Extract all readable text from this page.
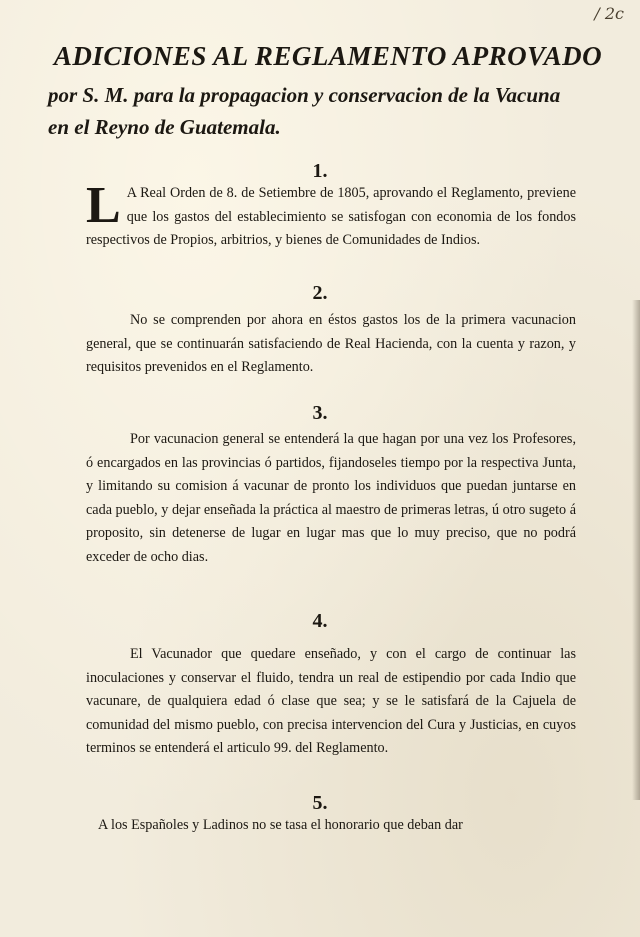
/ 2c
ADICIONES AL REGLAMENTO APROVADO
por S. M. para la propagacion y conservacion de la Vacuna
en el Reyno de Guatemala.
1.

L A Real Orden de 8. de Setiembre de 1805, aprovando el Reglamento, previene que los gastos del establecimiento se satisfogan con economia de los fondos respectivos de Propios, arbitrios, y bienes de Comunidades de Indios.

2.

No se comprenden por ahora en éstos gastos los de la primera vacunacion general, que se continuarán satisfaciendo de Real Hacienda, con la cuenta y razon, y requisitos prevenidos en el Reglamento.

3.

Por vacunacion general se entenderá la que hagan por una vez los Profesores, ó encargados en las provincias ó partidos, fijandoseles tiempo por la respectiva Junta, y limitando su comision á vacunar de pronto los individuos que puedan juntarse en cada pueblo, y dejar enseñada la práctica al maestro de primeras letras, ú otro sugeto á proposito, sin detenerse de lugar en lugar mas que lo muy preciso, que no podrá exceder de ocho dias.

4.

El Vacunador que quedare enseñado, y con el cargo de continuar las inoculaciones y conservar el fluido, tendra un real de estipendio por cada Indio que vacunare, de qualquiera edad ó clase que sea; y se le satisfará de la Cajuela de comunidad del mismo pueblo, con precisa intervencion del Cura y Justicias, en cuyos terminos se entenderá el articulo 99. del Reglamento.

5.

A los Españoles y Ladinos no se tasa el honorario que deban dar
